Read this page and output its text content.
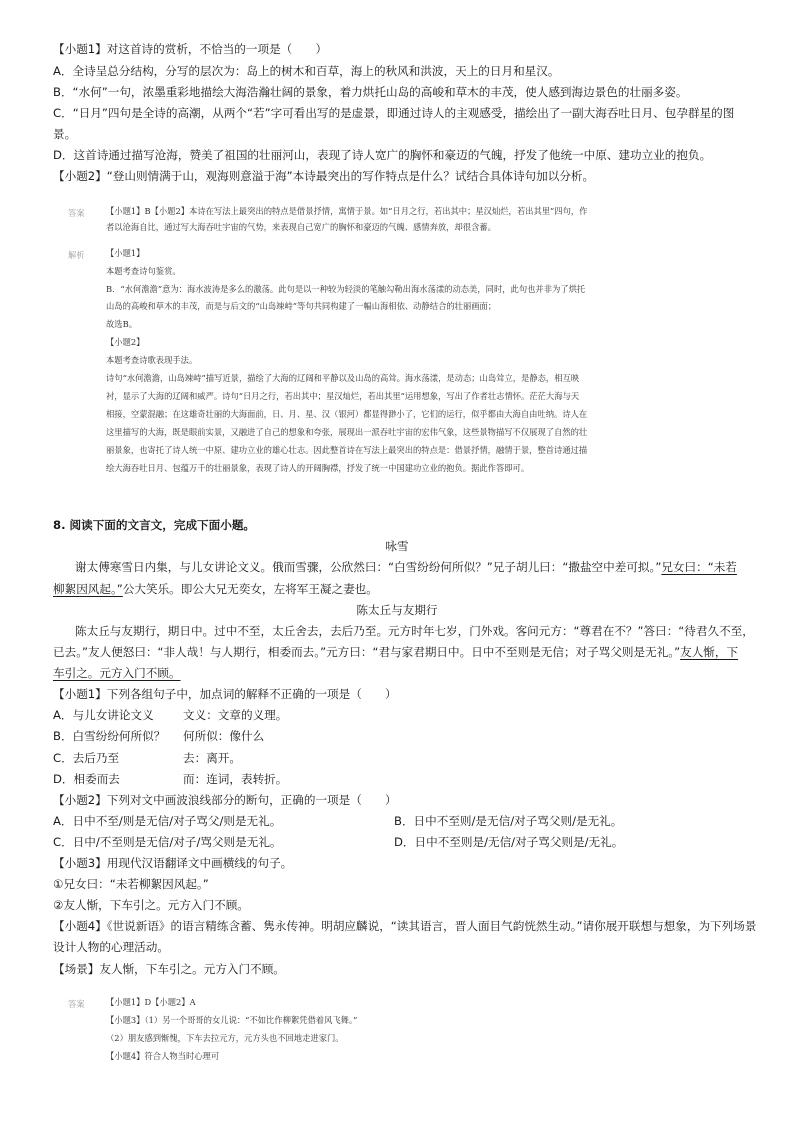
【小题1】对这首诗的赏析，不恰当的一项是（　　）
A．全诗呈总分结构，分写的层次为：岛上的树木和百草，海上的秋风和洪波，天上的日月和星汉。
B．“水何”一句，浓墨重彩地描绘大海浩瀚壮阔的景象，着力烘托山岛的高峻和草木的丰茂，使人感到海边景色的壮丽多姿。
C．“日月”四句是全诗的高潮，从两个“若”字可看出写的是虚景，即通过诗人的主观感受，描绘出了一副大海吞吐日月、包孕群星的图
景。
D．这首诗通过描写沧海，赞美了祖国的壮丽河山，表现了诗人宽广的胸怀和豪迈的气魄，抒发了他统一中原、建功立业的抱负。
【小题2】“登山则情满于山，观海则意溢于海”本诗最突出的写作特点是什么？试结合具体诗句加以分析。
答案	【小题1】B【小题2】本诗在写法上最突出的特点是借景抒情，寓情于景。如“日月之行，若出其中；星汉灿烂，若出其里”四句，作
者以沧海自比，通过写大海吞吐宇宙的气势，来表现自己宽广的胸怀和豪迈的气魄、感情奔放，却很含蓄。
解析	【小题1】
本题考查诗句鉴赏。
B．“水何澹澹”意为：海水波涛是多么的激荡。此句是以一种较为轻淡的笔触勾勒出海水荡漾的动态美，同时，此句也并非为了烘托
山岛的高峻和草木的丰茂，而是与后文的“山岛竦峙”等句共同构建了一幅山海相依、动静结合的壮丽画面；
故选B。
【小题2】
本题考查诗歌表现手法。
诗句“水何澹澹，山岛竦峙”描写近景，描绘了大海的辽阔和平静以及山岛的高耸。海水荡漾，是动态；山岛耸立，是静态，相互映
衬，显示了大海的辽阔和威严。诗句“日月之行，若出其中；星汉灿烂，若出其里”运用想象，写出了作者壮志情怀。茫茫大海与天
相接，空蒙混融；在这雄奇壮丽的大海面前，日、月、星、汉（银河）都显得渺小了，它们的运行，似乎都由大海自由吐纳。诗人在
这里描写的大海，既是眼前实景，又融进了自己的想象和夸张，展现出一派吞吐宇宙的宏伟气象，这些景物描写不仅展现了自然的壮
丽景象，也寄托了诗人统一中原、建功立业的雄心壮志。因此整首诗在写法上最突出的特点是：借景抒情，融情于景，整首诗通过描
绘大海吞吐日月、包蕴万千的壮丽景象，表现了诗人的开阔胸襟，抒发了统一中国建功立业的抱负。据此作答即可。
8. 阅读下面的文言文，完成下面小题。
咏雪
谢太傅寒雪日内集，与儿女讲论文义。俄而雪骤，公欣然曰：“白雪纷纷何所似？”兄子胡儿曰：“撒盐空中差可拟。”兄女曰：“未若
柳絮因风起。”公大笑乐。即公大兄无奕女，左将军王凝之妻也。
陈太丘与友期行
陈太丘与友期行，期日中。过中不至，太丘舍去，去后乃至。元方时年七岁，门外戏。客问元方：“尊君在不？”答曰：“待君久不至，
已去。”友人便怒曰：“非人哉！与人期行，相委而去。”元方曰：“君与家君期日中。日中不至则是无信；对子骂父则是无礼。”友人惭，下
车引之。元方入门不顾。
【小题1】下列各组句子中，加点词的解释不正确的一项是（　　）
A．与儿女讲论文义	文义：文章的义理。
B．白雪纷纷何所似？ 何所似：像什么
C．去后乃至	去：离开。
D．相委而去	而：连词，表转折。
【小题2】下列对文中画波浪线部分的断句，正确的一项是（　　）
A．日中不至/则是无信/对子骂父/则是无礼。	B．日中不至则/是无信/对子骂父则/是无礼。
C．日中/不至则是无信/对子/骂父则是无礼。	D．日中不至则是/无信/对子骂父则是/无礼。
【小题3】用现代汉语翻译文中画横线的句子。
①兄女曰：“未若柳絮因风起。”
②友人惭，下车引之。元方入门不顾。
【小题4】《世说新语》的语言精练含蓄、隽永传神。明胡应麟说，“读其语言，晋人面目气韵恍然生动。”请你展开联想与想象，为下列场景
设计人物的心理活动。
【场景】友人惭，下车引之。元方入门不顾。
答案	【小题1】D【小题2】A
【小题3】（1）另一个哥哥的女儿说：“不如比作柳絮凭借着风飞舞。”
（2）朋友感到惭愧，下车去拉元方，元方头也不回地走进家门。
【小题4】符合人物当时心理可
